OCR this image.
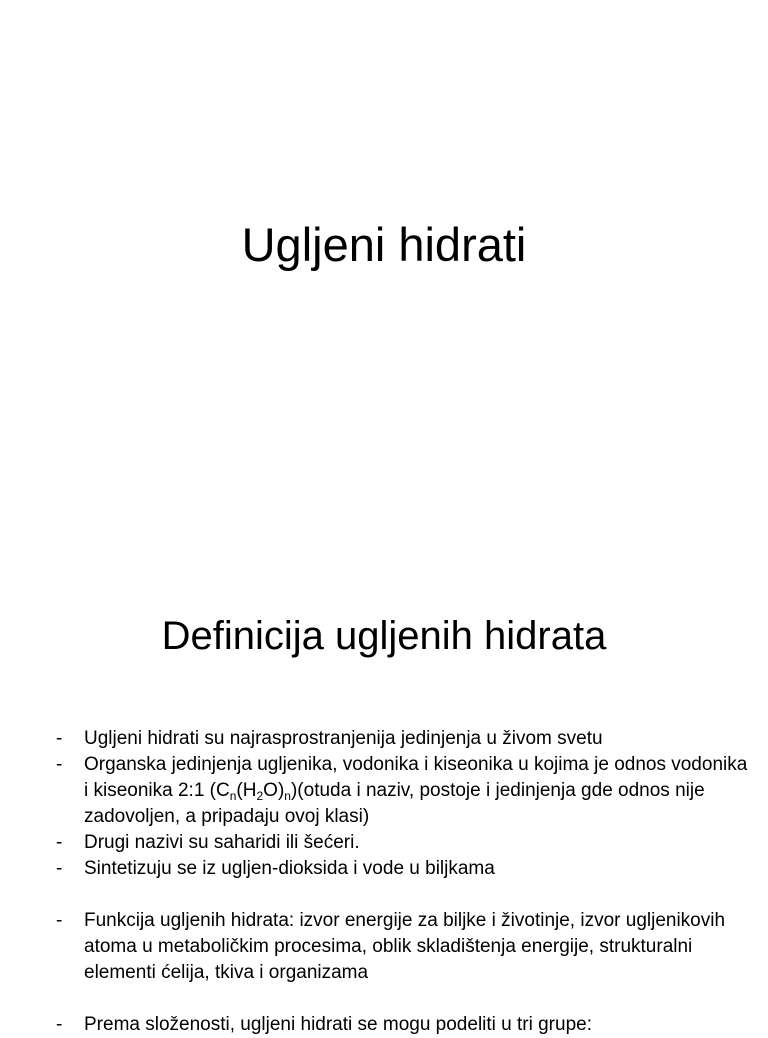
Ugljeni hidrati
Definicija ugljenih hidrata
- Ugljeni hidrati su najrasprostranjenija jedinjenja u živom svetu
- Organska jedinjenja ugljenika, vodonika i kiseonika u kojima je odnos vodonika i kiseonika 2:1 $(C_n(H_2O)_n)(otuda$ i naziv, postoje i jedinjenja gde odnos nije zadovoljen, a pripadaju ovoj klasi)
- Drugi nazivi su saharidi ili šećeri.
- Sintetizuju se iz ugljen-dioksida i vode u biljkama
- Funkcija ugljenih hidrata: izvor energije za biljke i životinje, izvor ugljenikovih atoma u metaboličkim procesima, oblik skladištenja energije, strukturalni elementi ćelija, tkiva i organizama
- Prema složenosti, ugljeni hidrati se mogu podeliti u tri grupe:
